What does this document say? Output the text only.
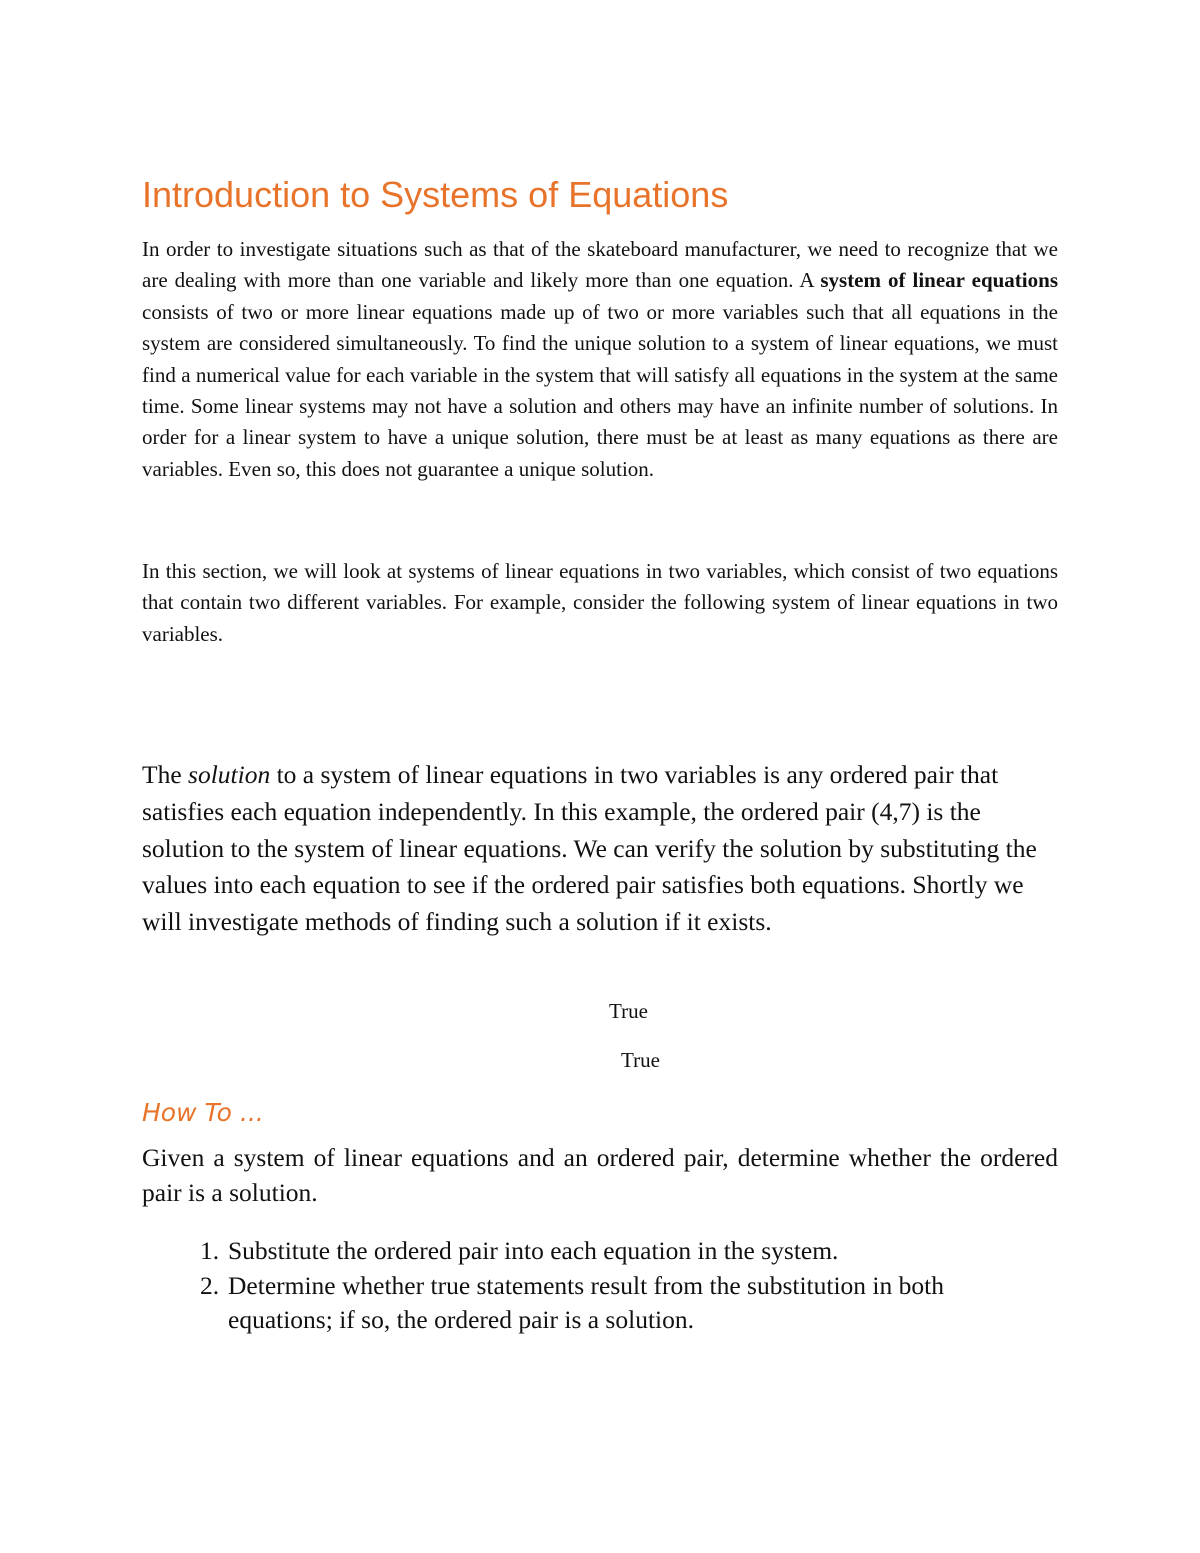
Introduction to Systems of Equations

In order to investigate situations such as that of the skateboard manufacturer, we need to recognize that we are dealing with more than one variable and likely more than one equation. A system of linear equations consists of two or more linear equations made up of two or more variables such that all equations in the system are considered simultaneously. To find the unique solution to a system of linear equations, we must find a numerical value for each variable in the system that will satisfy all equations in the system at the same time. Some linear systems may not have a solution and others may have an infinite number of solutions. In order for a linear system to have a unique solution, there must be at least as many equations as there are variables. Even so, this does not guarantee a unique solution.

In this section, we will look at systems of linear equations in two variables, which consist of two equations that contain two different variables. For example, consider the following system of linear equations in two variables.

The solution to a system of linear equations in two variables is any ordered pair that satisfies each equation independently. In this example, the ordered pair (4,7) is the solution to the system of linear equations. We can verify the solution by substituting the values into each equation to see if the ordered pair satisfies both equations. Shortly we will investigate methods of finding such a solution if it exists.

True

True

How To ...

Given a system of linear equations and an ordered pair, determine whether the ordered pair is a solution.

1. Substitute the ordered pair into each equation in the system.
2. Determine whether true statements result from the substitution in both equations; if so, the ordered pair is a solution.
